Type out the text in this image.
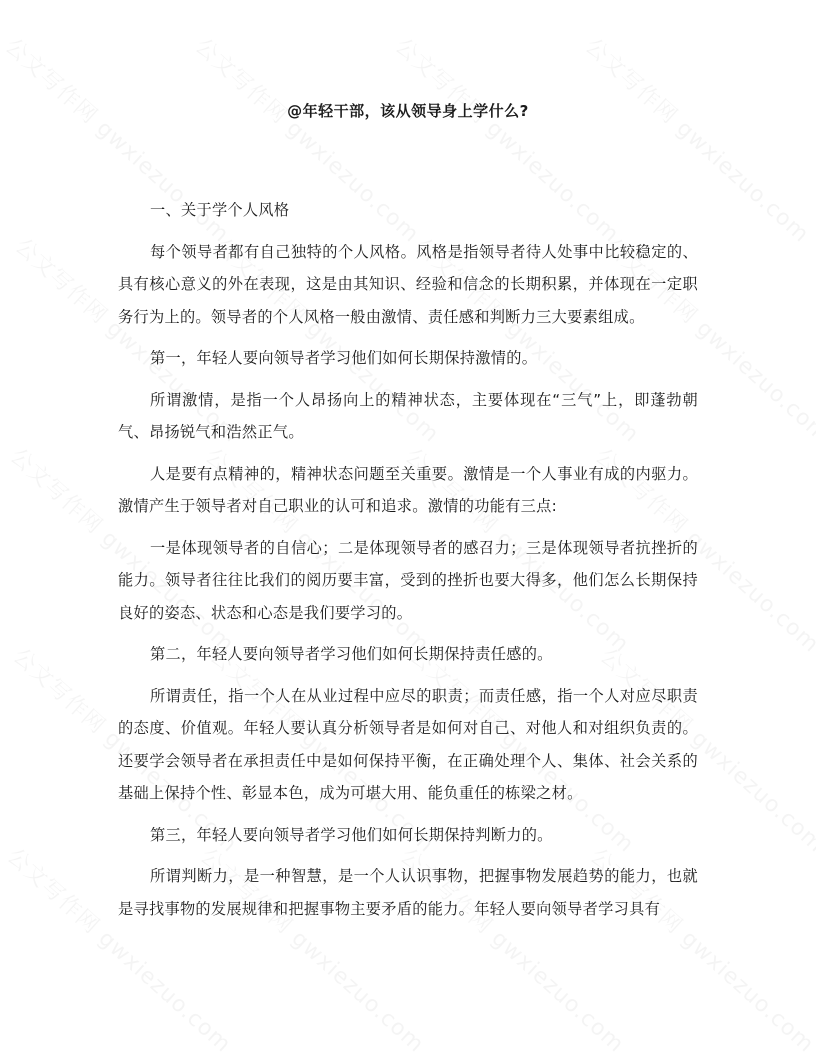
@年轻干部，该从领导身上学什么?

一、关于学个人风格

每个领导者都有自己独特的个人风格。风格是指领导者待人处事中比较稳定的、具有核心意义的外在表现，这是由其知识、经验和信念的长期积累，并体现在一定职务行为上的。领导者的个人风格一般由激情、责任感和判断力三大要素组成。

第一，年轻人要向领导者学习他们如何长期保持激情的。

所谓激情，是指一个人昂扬向上的精神状态，主要体现在“三气”上，即蓬勃朝气、昂扬锐气和浩然正气。

人是要有点精神的，精神状态问题至关重要。激情是一个人事业有成的内驱力。激情产生于领导者对自己职业的认可和追求。激情的功能有三点:

一是体现领导者的自信心；二是体现领导者的感召力；三是体现领导者抗挫折的能力。领导者往往比我们的阅历要丰富，受到的挫折也要大得多，他们怎么长期保持良好的姿态、状态和心态是我们要学习的。

第二，年轻人要向领导者学习他们如何长期保持责任感的。

所谓责任，指一个人在从业过程中应尽的职责；而责任感，指一个人对应尽职责的态度、价值观。年轻人要认真分析领导者是如何对自己、对他人和对组织负责的。还要学会领导者在承担责任中是如何保持平衡，在正确处理个人、集体、社会关系的基础上保持个性、彰显本色，成为可堪大用、能负重任的栋梁之材。

第三，年轻人要向领导者学习他们如何长期保持判断力的。

所谓判断力，是一种智慧，是一个人认识事物，把握事物发展趋势的能力，也就是寻找事物的发展规律和把握事物主要矛盾的能力。年轻人要向领导者学习具有
